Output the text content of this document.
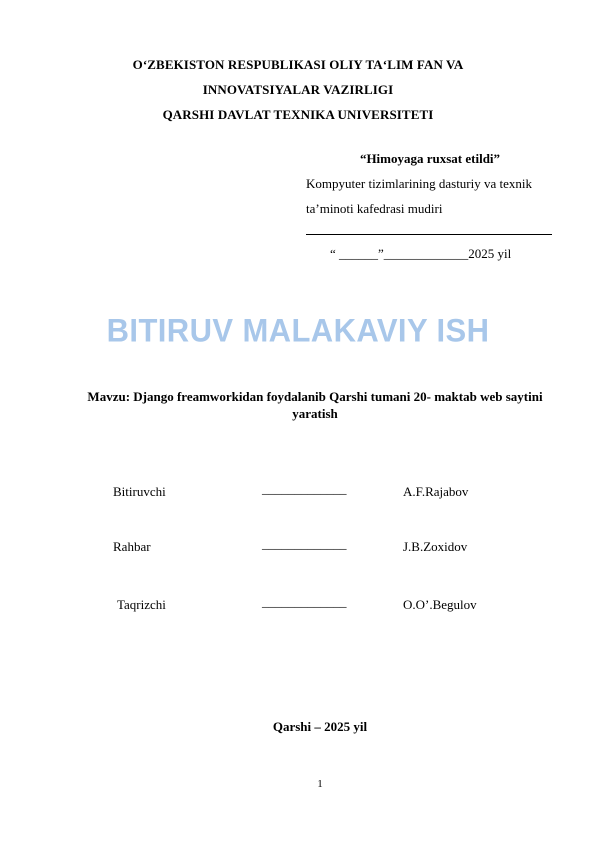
O‘ZBEKISTON RESPUBLIKASI OLIY TA‘LIM FAN VA
INNOVATSIYALAR VAZIRLIGI
QARSHI DAVLAT TEXNIKA UNIVERSITETI
“Himoyaga ruxsat etildi”
Kompyuter tizimlarining dasturiy va texnik
ta’minoti kafedrasi mudiri
“ ______”_____________2025 yil
BITIRUV MALAKAVIY ISH
Mavzu: Django freamworkidan foydalanib Qarshi tumani 20- maktab web saytini yaratish
Bitiruvchi	_____________	A.F.Rajabov
Rahbar	_____________	J.B.Zoxidov
Taqrizchi	_____________	O.O’.Begulov
Qarshi – 2025 yil
1
